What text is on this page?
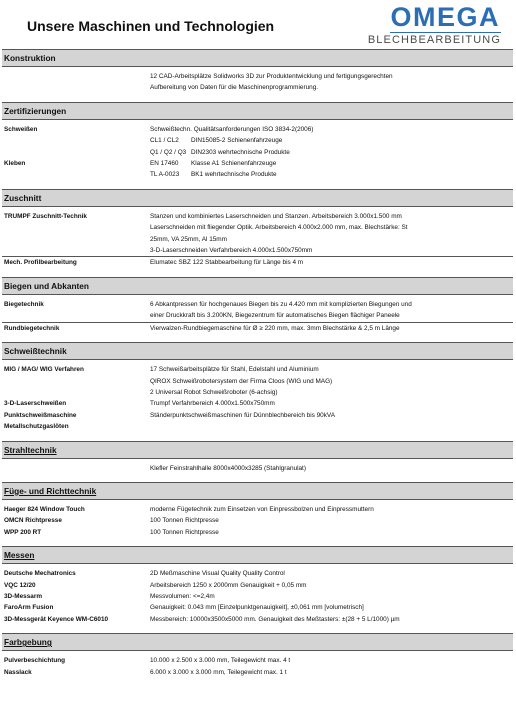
Unsere Maschinen und Technologien	OMEGA
BLECHBEARBEITUNG
Konstruktion
12 CAD-Arbeitsplätze Solidworks 3D zur Produktentwicklung und fertigungsgerechten
Aufbereitung von Daten für die Maschinenprogrammierung.
Zertifizierungen
Schweißen	Schweißtechn. Qualitätsanforderungen ISO 3834-2(2006)
CL1 / CL2	DIN15085-2 Schienenfahrzeuge
Q1 / Q2 / Q3 DIN2303 wehrtechnische Produkte
Kleben	EN 17460	Klasse A1 Schienenfahrzeuge
TL A-0023	BK1 wehrtechnische Produkte
Zuschnitt
TRUMPF Zuschnitt-Technik	Stanzen und kombiniertes Laserschneiden und Stanzen. Arbeitsbereich 3.000x1.500 mm
Laserschneiden mit fliegender Optik. Arbeitsbereich 4.000x2.000 mm, max. Blechstärke: St
25mm, VA 25mm, Al 15mm
3-D-Laserschneiden Verfahrbereich 4.000x1.500x750mm
Mech. Profilbearbeitung	Elumatec SBZ 122 Stabbearbeitung für Länge bis 4 m
Biegen und Abkanten
Biegetechnik	6 Abkantpressen für hochgenaues Biegen bis zu 4.420 mm mit komplizierten Biegungen und
einer Druckkraft bis 3.200KN, Biegezentrum für automatisches Biegen flächiger Paneele
Rundbiegetechnik	Vierwalzen-Rundbiegemaschine für Ø ≥ 220 mm, max. 3mm Blechstärke & 2,5 m Länge
Schweißtechnik
MIG / MAG/ WIG Verfahren	17 Schweißarbeitsplätze für Stahl, Edelstahl und Aluminium
QIROX Schweißrobotersystem der Firma Cloos (WIG und MAG)
2 Universal Robot Schweißroboter (6-achsig)
3-D-Laserschweißen	Trumpf Verfahrbereich 4.000x1.500x750mm
Punktschweißmaschine	Ständerpunktschweißmaschinen für Dünnblechbereich bis 90kVA
Metallschutzgaslöten
Strahltechnik
Klefler Feinstrahlhalle 8000x4000x3285 (Stahlgranulat)
Füge- und Richttechnik
Haeger 824 Window Touch	moderne Fügetechnik zum Einsetzen von Einpressbolzen und Einpressmuttern
OMCN Richtpresse	100 Tonnen Richtpresse
WPP 200 RT	100 Tonnen Richtpresse
Messen
Deutsche Mechatronics	2D Meßmaschine Visual Quality Quality Control
VQC 12/20	Arbeitsbereich 1250 x 2000mm Genauigkeit + 0,05 mm
3D-Messarm	Messvolumen: <=2,4m
FaroArm Fusion	Genauigkeit: 0.043 mm [Einzelpunktgenauigkeit], ±0,061 mm [volumetrisch]
3D-Messgerät Keyence WM-C6010	Messbereich: 10000x3500x5000 mm. Genauigkeit des Meßtasters: ±(28 + 5 L/1000) µm
Farbgebung
Pulverbeschichtung	10.000 x 2.500 x 3.000 mm, Teilegewicht max. 4 t
Nasslack	6.000 x 3.000 x 3.000 mm, Teilegewicht max. 1 t
